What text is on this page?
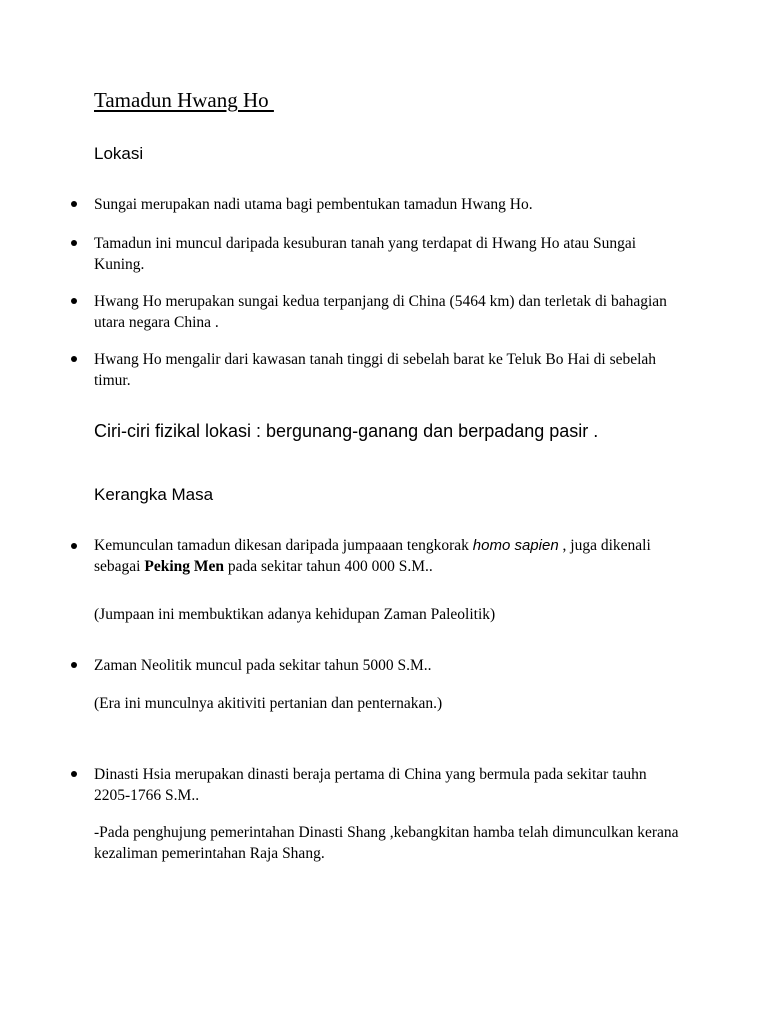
Tamadun Hwang Ho
Lokasi
Sungai merupakan nadi utama bagi pembentukan tamadun Hwang Ho.
Tamadun ini muncul daripada kesuburan tanah yang terdapat di Hwang Ho atau Sungai Kuning.
Hwang Ho merupakan sungai kedua terpanjang di China (5464 km) dan terletak di bahagian utara negara China .
Hwang Ho mengalir dari kawasan tanah tinggi di sebelah barat ke Teluk Bo Hai di sebelah timur.
Ciri-ciri fizikal lokasi : bergunang-ganang dan berpadang pasir .
Kerangka Masa
Kemunculan tamadun dikesan daripada jumpaaan tengkorak homo sapien , juga dikenali sebagai Peking Men pada sekitar tahun 400 000 S.M..
(Jumpaan ini membuktikan adanya kehidupan Zaman Paleolitik)
Zaman Neolitik muncul pada sekitar tahun 5000 S.M..
(Era ini munculnya akitiviti pertanian dan penternakan.)
Dinasti Hsia merupakan dinasti beraja pertama di China yang bermula pada sekitar tauhn 2205-1766 S.M..
-Pada penghujung pemerintahan Dinasti Shang ,kebangkitan hamba telah dimunculkan kerana kezaliman pemerintahan Raja Shang.
